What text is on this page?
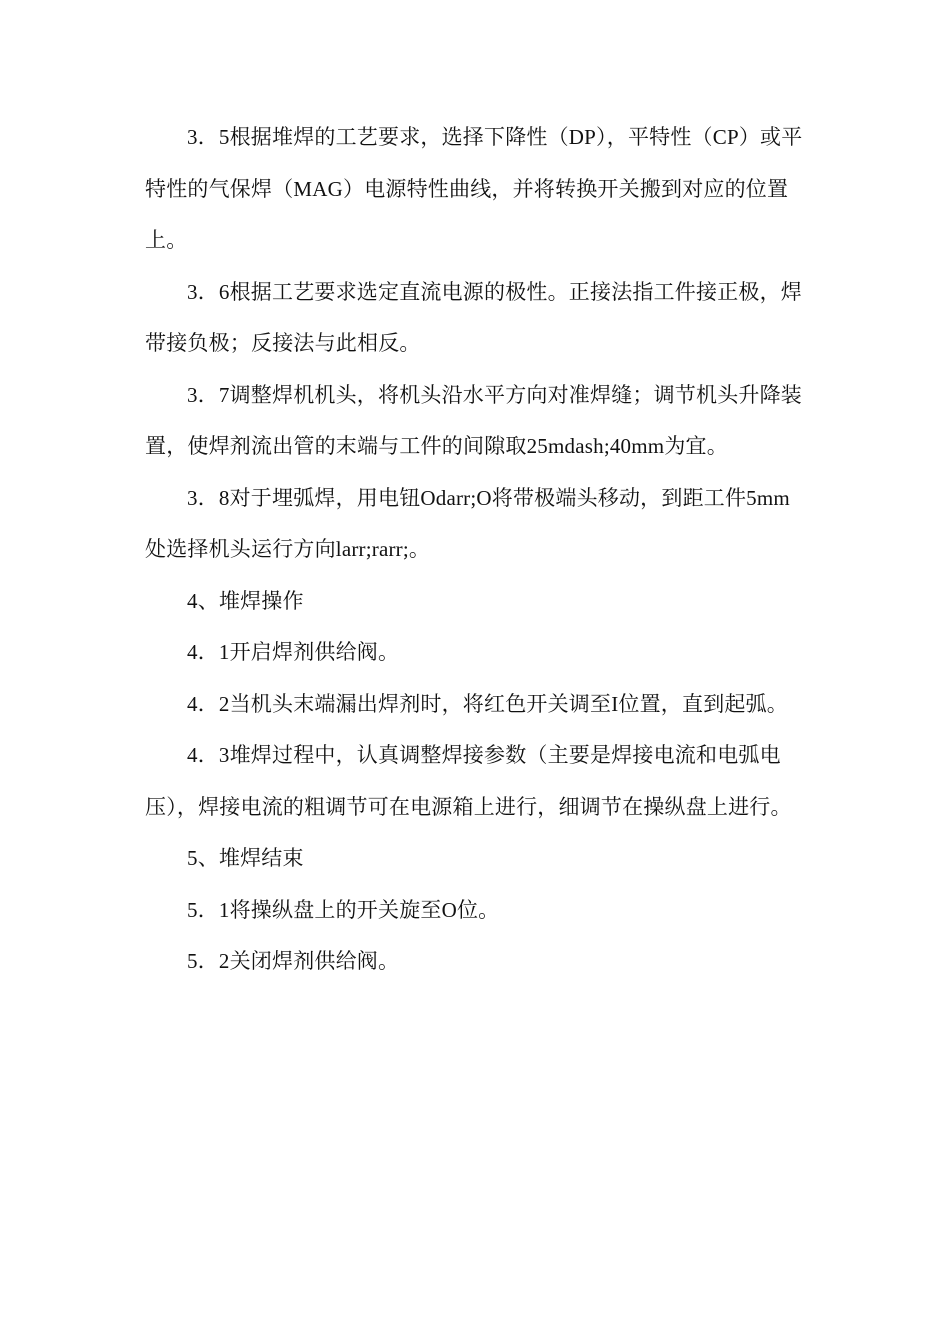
3．5根据堆焊的工艺要求，选择下降性（DP），平特性（CP）或平特性的气保焊（MAG）电源特性曲线，并将转换开关搬到对应的位置上。

3．6根据工艺要求选定直流电源的极性。正接法指工件接正极，焊带接负极；反接法与此相反。

3．7调整焊机机头，将机头沿水平方向对准焊缝；调节机头升降装置，使焊剂流出管的末端与工件的间隙取25mdash;40mm为宜。

3．8对于埋弧焊，用电钮Odarr;O将带极端头移动，到距工件5mm处选择机头运行方向larr;rarr;。

4、堆焊操作

4．1开启焊剂供给阀。

4．2当机头末端漏出焊剂时，将红色开关调至I位置，直到起弧。

4．3堆焊过程中，认真调整焊接参数（主要是焊接电流和电弧电压），焊接电流的粗调节可在电源箱上进行，细调节在操纵盘上进行。

5、堆焊结束

5．1将操纵盘上的开关旋至O位。

5．2关闭焊剂供给阀。
